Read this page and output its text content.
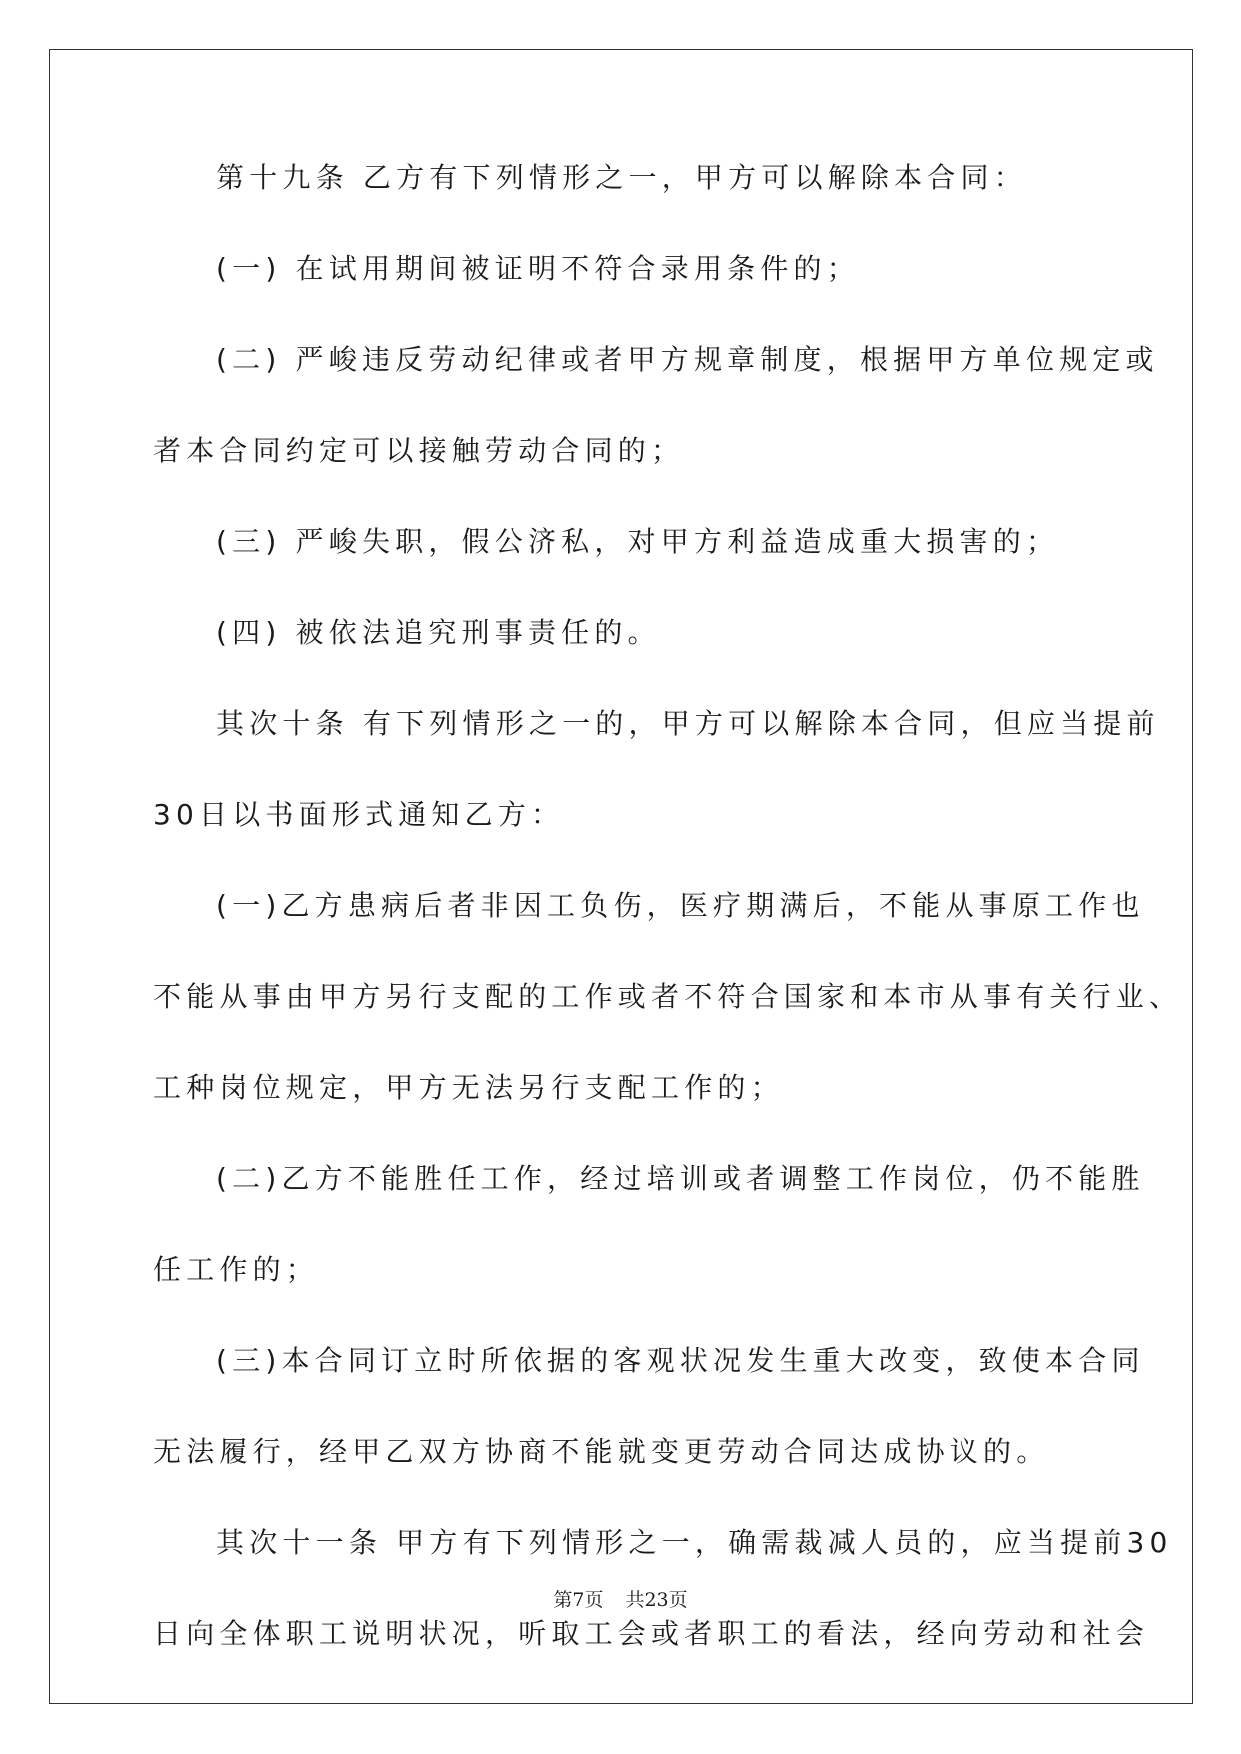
第十九条 乙方有下列情形之一，甲方可以解除本合同：
(一) 在试用期间被证明不符合录用条件的；
(二) 严峻违反劳动纪律或者甲方规章制度，根据甲方单位规定或
者本合同约定可以接触劳动合同的；
(三) 严峻失职，假公济私，对甲方利益造成重大损害的；
(四) 被依法追究刑事责任的。
其次十条 有下列情形之一的，甲方可以解除本合同，但应当提前
30日以书面形式通知乙方：
(一)乙方患病后者非因工负伤，医疗期满后，不能从事原工作也
不能从事由甲方另行支配的工作或者不符合国家和本市从事有关行业、
工种岗位规定，甲方无法另行支配工作的；
(二)乙方不能胜任工作，经过培训或者调整工作岗位，仍不能胜
任工作的；
(三)本合同订立时所依据的客观状况发生重大改变，致使本合同
无法履行，经甲乙双方协商不能就变更劳动合同达成协议的。
其次十一条 甲方有下列情形之一，确需裁减人员的，应当提前30
日向全体职工说明状况，听取工会或者职工的看法，经向劳动和社会
第7页 共23页
